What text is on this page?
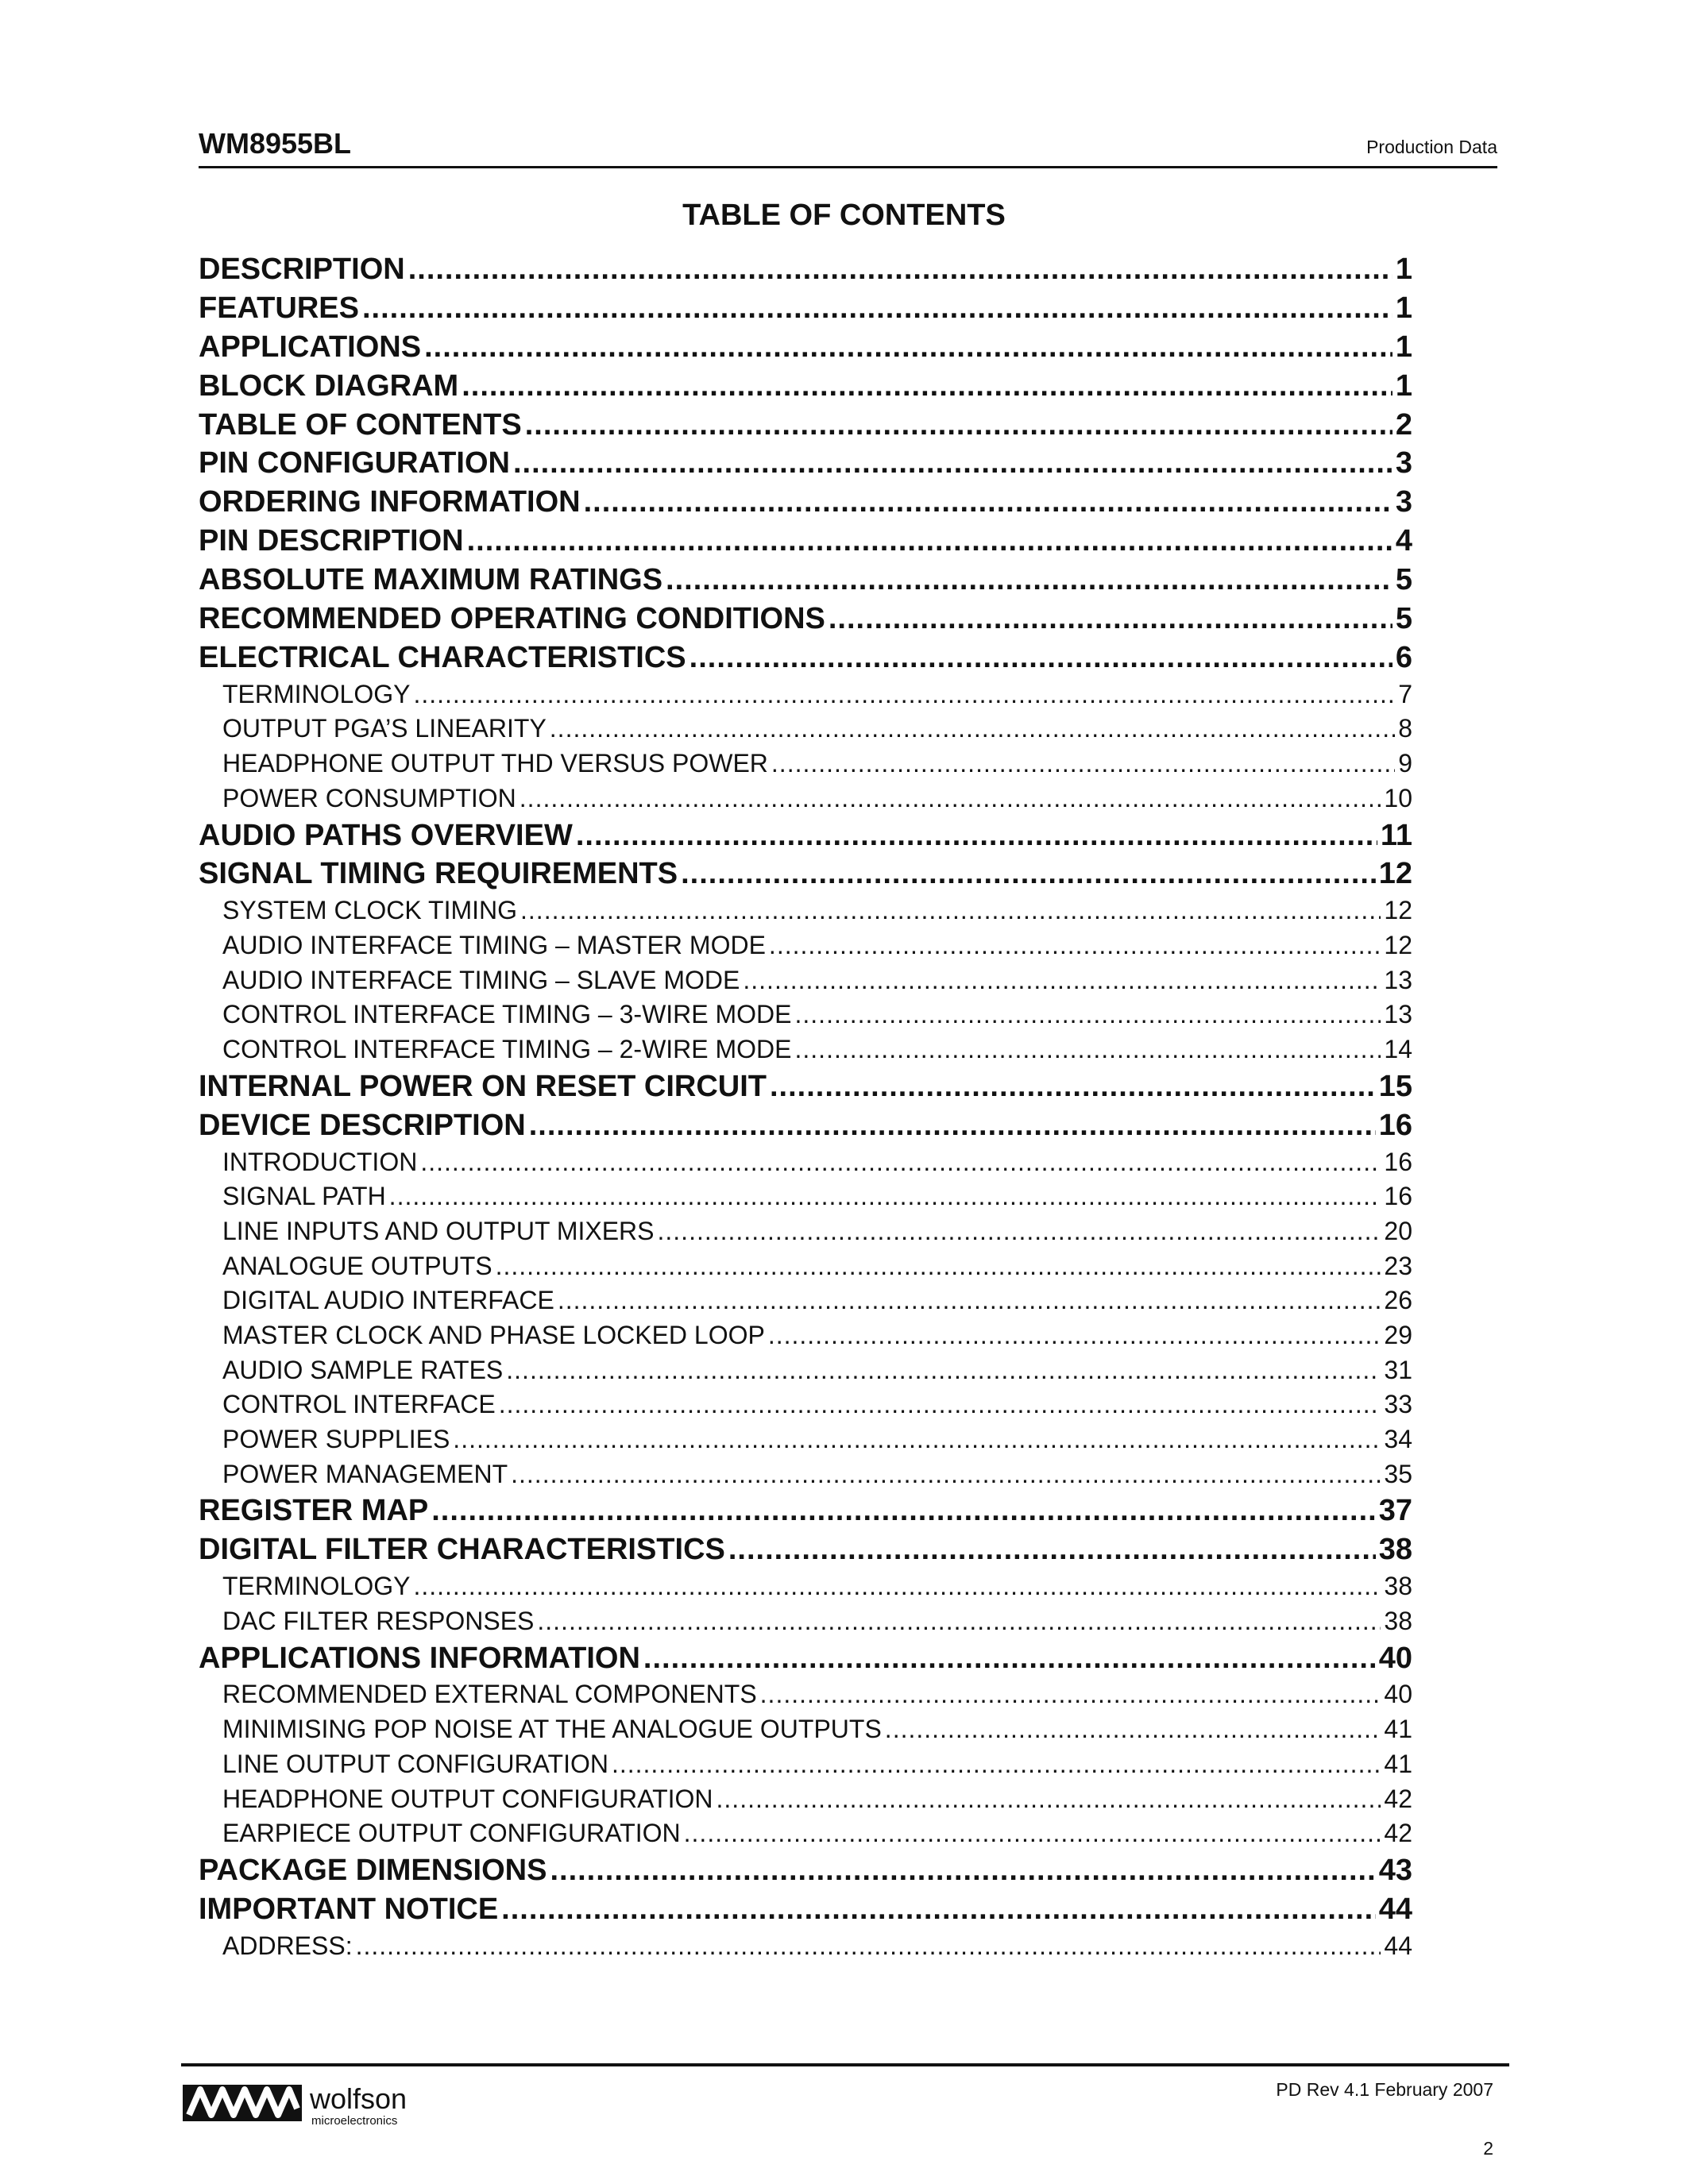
WM8955BL	Production Data
TABLE OF CONTENTS
DESCRIPTION .....	1
FEATURES .....	1
APPLICATIONS .....	1
BLOCK DIAGRAM .....	1
TABLE OF CONTENTS .....	2
PIN CONFIGURATION .....	3
ORDERING INFORMATION .....	3
PIN DESCRIPTION .....	4
ABSOLUTE MAXIMUM RATINGS .....	5
RECOMMENDED OPERATING CONDITIONS .....	5
ELECTRICAL CHARACTERISTICS .....	6
TERMINOLOGY .....	7
OUTPUT PGA’S LINEARITY .....	8
HEADPHONE OUTPUT THD VERSUS POWER .....	9
POWER CONSUMPTION .....	10
AUDIO PATHS OVERVIEW .....	11
SIGNAL TIMING REQUIREMENTS .....	12
SYSTEM CLOCK TIMING .....	12
AUDIO INTERFACE TIMING – MASTER MODE .....	12
AUDIO INTERFACE TIMING – SLAVE MODE .....	13
CONTROL INTERFACE TIMING – 3-WIRE MODE .....	13
CONTROL INTERFACE TIMING – 2-WIRE MODE .....	14
INTERNAL POWER ON RESET CIRCUIT .....	15
DEVICE DESCRIPTION .....	16
INTRODUCTION .....	16
SIGNAL PATH .....	16
LINE INPUTS AND OUTPUT MIXERS .....	20
ANALOGUE OUTPUTS .....	23
DIGITAL AUDIO INTERFACE .....	26
MASTER CLOCK AND PHASE LOCKED LOOP .....	29
AUDIO SAMPLE RATES .....	31
CONTROL INTERFACE .....	33
POWER SUPPLIES .....	34
POWER MANAGEMENT .....	35
REGISTER MAP .....	37
DIGITAL FILTER CHARACTERISTICS .....	38
TERMINOLOGY .....	38
DAC FILTER RESPONSES .....	38
APPLICATIONS INFORMATION .....	40
RECOMMENDED EXTERNAL COMPONENTS .....	40
MINIMISING POP NOISE AT THE ANALOGUE OUTPUTS .....	41
LINE OUTPUT CONFIGURATION .....	41
HEADPHONE OUTPUT CONFIGURATION .....	42
EARPIECE OUTPUT CONFIGURATION .....	42
PACKAGE DIMENSIONS .....	43
IMPORTANT NOTICE .....	44
ADDRESS: .....	44
wolfson
microelectronics
PD Rev 4.1 February 2007
2
